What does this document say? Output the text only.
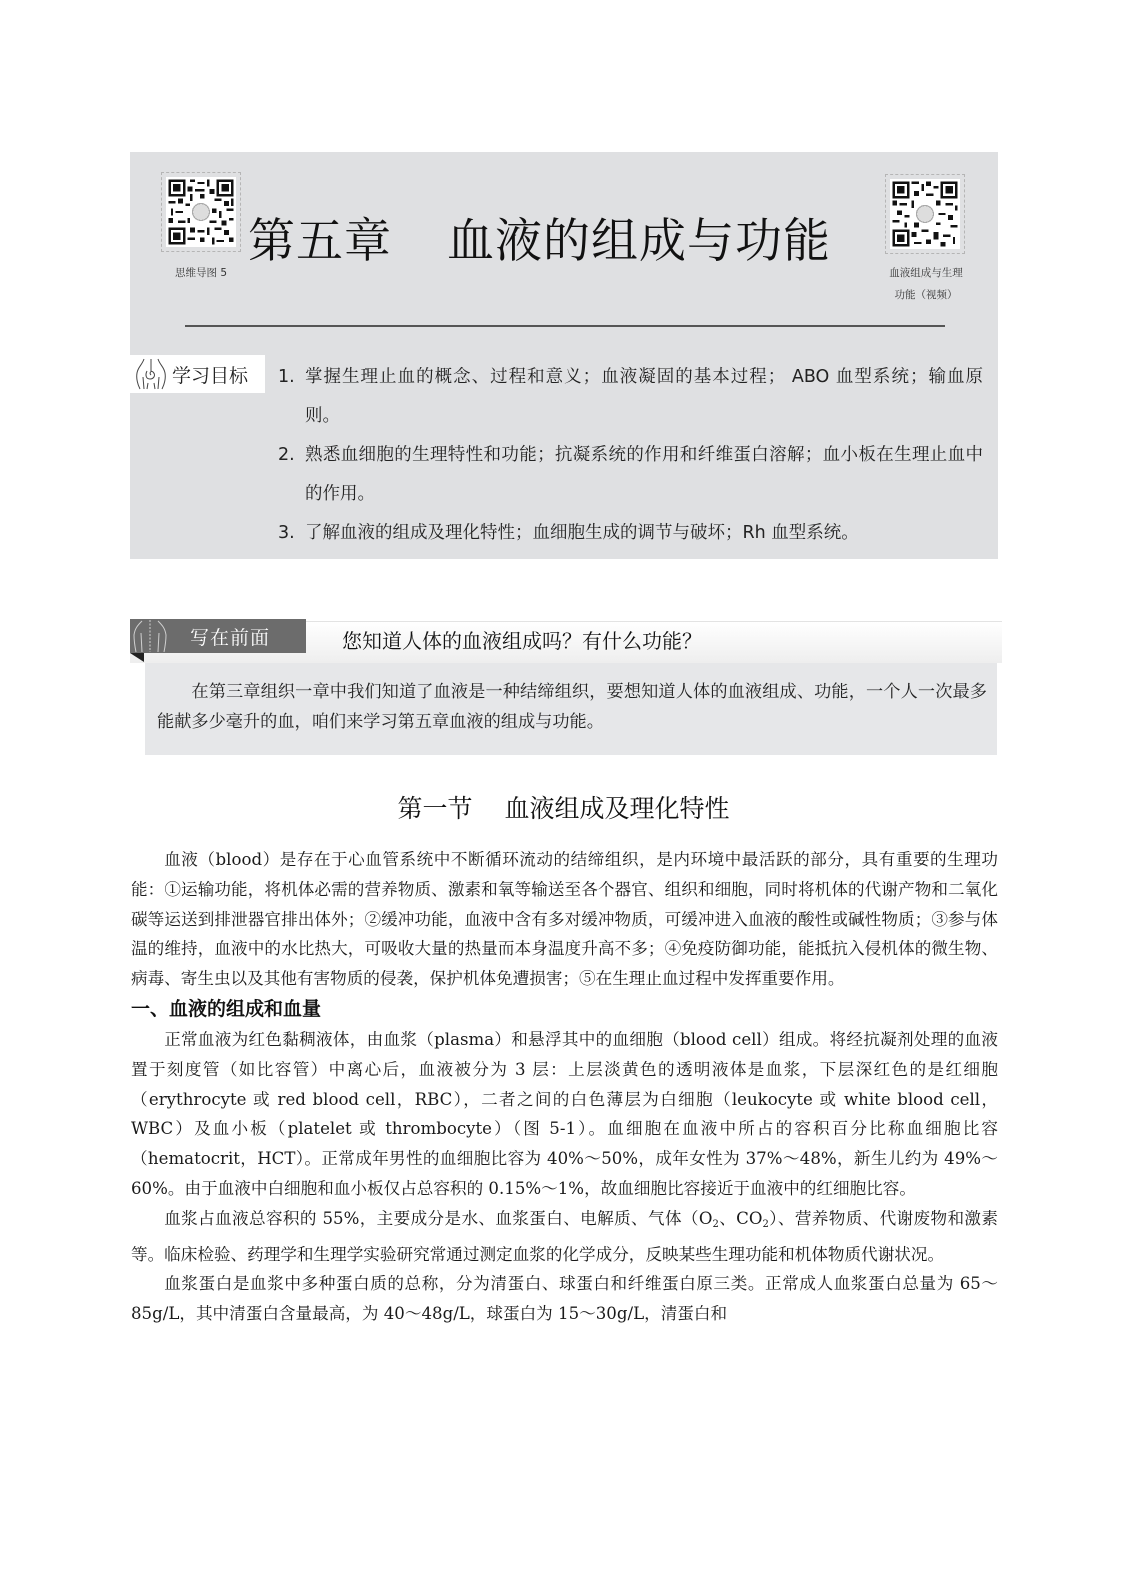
思维导图 5
第五章 血液的组成与功能
血液组成与生理
功能（视频）
学习目标 1. 掌握生理止血的概念、过程和意义；血液凝固的基本过程； ABO 血型系统；输血原则。
2. 熟悉血细胞的生理特性和功能；抗凝系统的作用和纤维蛋白溶解；血小板在生理止血中的作用。
3. 了解血液的组成及理化特性；血细胞生成的调节与破坏；Rh 血型系统。
写在前面	您知道人体的血液组成吗？有什么功能？
在第三章组织一章中我们知道了血液是一种结缔组织，要想知道人体的血液组成、功能，一个人一次最多能献多少毫升的血，咱们来学习第五章血液的组成与功能。
第一节 血液组成及理化特性

血液（blood）是存在于心血管系统中不断循环流动的结缔组织，是内环境中最活跃的部分，具有重要的生理功能：①运输功能，将机体必需的营养物质、激素和氧等输送至各个器官、组织和细胞，同时将机体的代谢产物和二氧化碳等运送到排泄器官排出体外；②缓冲功能，血液中含有多对缓冲物质，可缓冲进入血液的酸性或碱性物质；③参与体温的维持，血液中的水比热大，可吸收大量的热量而本身温度升高不多；④免疫防御功能，能抵抗入侵机体的微生物、病毒、寄生虫以及其他有害物质的侵袭，保护机体免遭损害；⑤在生理止血过程中发挥重要作用。

一、血液的组成和血量

正常血液为红色黏稠液体，由血浆（plasma）和悬浮其中的血细胞（blood cell）组成。将经抗凝剂处理的血液置于刻度管（如比容管）中离心后，血液被分为 3 层：上层淡黄色的透明液体是血浆，下层深红色的是红细胞（erythrocyte 或 red blood cell，RBC），二者之间的白色薄层为白细胞（leukocyte 或 white blood cell，WBC）及血小板（platelet 或 thrombocyte）（图 5-1）。血细胞在血液中所占的容积百分比称血细胞比容（hematocrit，HCT）。正常成年男性的血细胞比容为 40%～50%，成年女性为 37%～48%，新生儿约为 49%～60%。由于血液中白细胞和血小板仅占总容积的 0.15%～1%，故血细胞比容接近于血液中的红细胞比容。

血浆占血液总容积的 55%，主要成分是水、血浆蛋白、电解质、气体（$O_2$、$CO_2$）、营养物质、代谢废物和激素等。临床检验、药理学和生理学实验研究常通过测定血浆的化学成分，反映某些生理功能和机体物质代谢状况。

血浆蛋白是血浆中多种蛋白质的总称，分为清蛋白、球蛋白和纤维蛋白原三类。正常成人血浆蛋白总量为 65～85g/L，其中清蛋白含量最高，为 40～48g/L，球蛋白为 15～30g/L，清蛋白和
